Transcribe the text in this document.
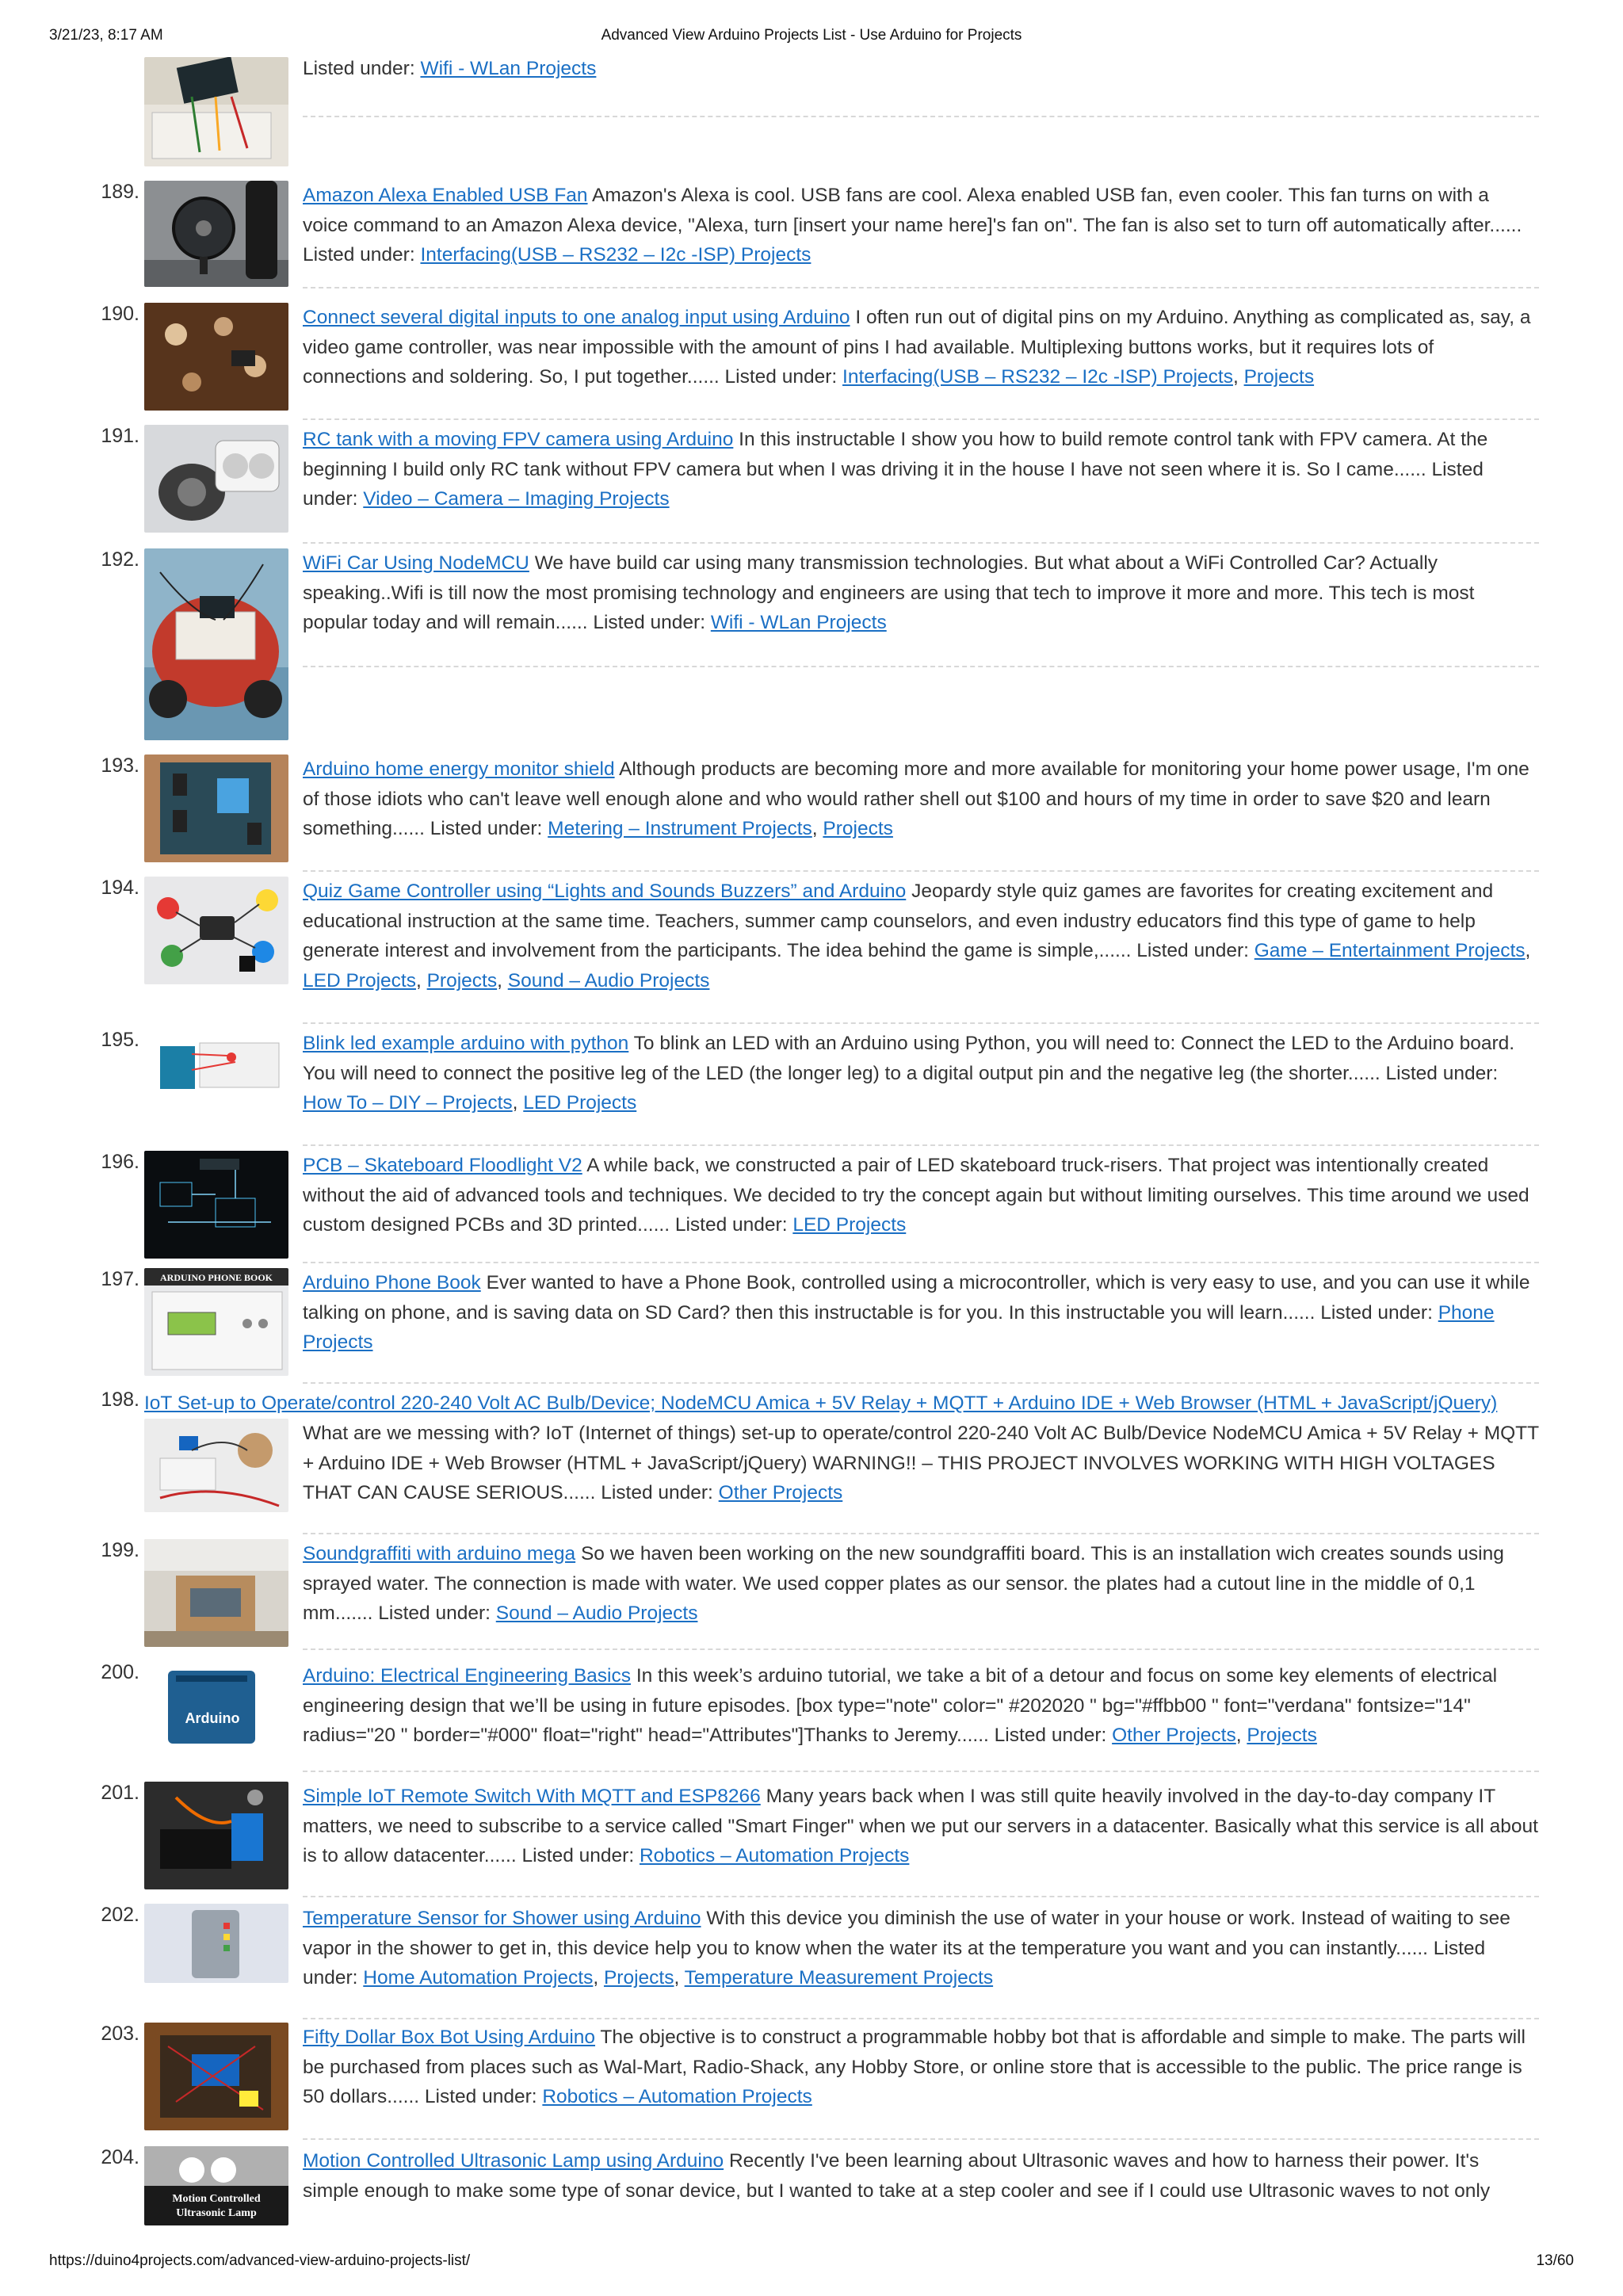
3/21/23, 8:17 AM	Advanced View Arduino Projects List - Use Arduino for Projects
Listed under: Wifi - WLan Projects
189.	Amazon Alexa Enabled USB Fan Amazon's Alexa is cool. USB fans are cool. Alexa enabled USB fan, even cooler. This fan turns on with a voice command to an Amazon Alexa device, "Alexa, turn [insert your name here]'s fan on". The fan is also set to turn off automatically after...... Listed under: Interfacing(USB – RS232 – I2c -ISP) Projects
190.	Connect several digital inputs to one analog input using Arduino I often run out of digital pins on my Arduino. Anything as complicated as, say, a video game controller, was near impossible with the amount of pins I had available. Multiplexing buttons works, but it requires lots of connections and soldering. So, I put together...... Listed under: Interfacing(USB – RS232 – I2c -ISP) Projects, Projects
191.	RC tank with a moving FPV camera using Arduino In this instructable I show you how to build remote control tank with FPV camera. At the beginning I build only RC tank without FPV camera but when I was driving it in the house I have not seen where it is. So I came...... Listed under: Video – Camera – Imaging Projects
192.	WiFi Car Using NodeMCU We have build car using many transmission technologies. But what about a WiFi Controlled Car? Actually speaking..Wifi is till now the most promising technology and engineers are using that tech to improve it more and more. This tech is most popular today and will remain...... Listed under: Wifi - WLan Projects
193.	Arduino home energy monitor shield Although products are becoming more and more available for monitoring your home power usage, I'm one of those idiots who can't leave well enough alone and who would rather shell out $100 and hours of my time in order to save $20 and learn something...... Listed under: Metering – Instrument Projects, Projects
194.	Quiz Game Controller using “Lights and Sounds Buzzers” and Arduino Jeopardy style quiz games are favorites for creating excitement and educational instruction at the same time. Teachers, summer camp counselors, and even industry educators find this type of game to help generate interest and involvement from the participants. The idea behind the game is simple,...... Listed under: Game – Entertainment Projects, LED Projects, Projects, Sound – Audio Projects
195.	Blink led example arduino with python To blink an LED with an Arduino using Python, you will need to: Connect the LED to the Arduino board. You will need to connect the positive leg of the LED (the longer leg) to a digital output pin and the negative leg (the shorter...... Listed under: How To – DIY – Projects, LED Projects
196.	PCB – Skateboard Floodlight V2 A while back, we constructed a pair of LED skateboard truck-risers. That project was intentionally created without the aid of advanced tools and techniques. We decided to try the concept again but without limiting ourselves. This time around we used custom designed PCBs and 3D printed...... Listed under: LED Projects
197. ARDUINO PHONE BOOK Arduino Phone Book Ever wanted to have a Phone Book, controlled using a microcontroller, which is very easy to use, and you can use it while talking on phone, and is saving data on SD Card? then this instructable is for you. In this instructable you will learn...... Listed under: Phone Projects
198. IoT Set-up to Operate/control 220-240 Volt AC Bulb/Device; NodeMCU Amica + 5V Relay + MQTT + Arduino IDE + Web Browser (HTML + JavaScript/jQuery)
What are we messing with? IoT (Internet of things) set-up to operate/control 220-240 Volt AC Bulb/Device NodeMCU Amica + 5V Relay + MQTT + Arduino IDE + Web Browser (HTML + JavaScript/jQuery) WARNING!! – THIS PROJECT INVOLVES WORKING WITH HIGH VOLTAGES THAT CAN CAUSE SERIOUS...... Listed under: Other Projects
199.	Soundgraffiti with arduino mega So we haven been working on the new soundgraffiti board. This is an installation wich creates sounds using sprayed water. The connection is made with water. We used copper plates as our sensor. the plates had a cutout line in the middle of 0,1 mm....... Listed under: Sound – Audio Projects
200.
Arduino
Arduino: Electrical Engineering Basics In this week’s arduino tutorial, we take a bit of a detour and focus on some key elements of electrical engineering design that we’ll be using in future episodes. [box type="note" color=" #202020 " bg="#ffbb00 " font="verdana" fontsize="14" radius="20 " border="#000" float="right" head="Attributes"]Thanks to Jeremy...... Listed under: Other Projects, Projects
201.	Simple IoT Remote Switch With MQTT and ESP8266 Many years back when I was still quite heavily involved in the day-to-day company IT matters, we need to subscribe to a service called "Smart Finger" when we put our servers in a datacenter. Basically what this service is all about is to allow datacenter...... Listed under: Robotics – Automation Projects
202.	Temperature Sensor for Shower using Arduino With this device you diminish the use of water in your house or work. Instead of waiting to see vapor in the shower to get in, this device help you to know when the water its at the temperature you want and you can instantly...... Listed under: Home Automation Projects, Projects, Temperature Measurement Projects
203.	Fifty Dollar Box Bot Using Arduino The objective is to construct a programmable hobby bot that is affordable and simple to make. The parts will be purchased from places such as Wal-Mart, Radio-Shack, any Hobby Store, or online store that is accessible to the public. The price range is 50 dollars...... Listed under: Robotics – Automation Projects
204.
Motion Controlled
Ultrasonic Lamp
Motion Controlled Ultrasonic Lamp using Arduino Recently I've been learning about Ultrasonic waves and how to harness their power. It's simple enough to make some type of sonar device, but I wanted to take at a step cooler and see if I could use Ultrasonic waves to not only
https://duino4projects.com/advanced-view-arduino-projects-list/	13/60
